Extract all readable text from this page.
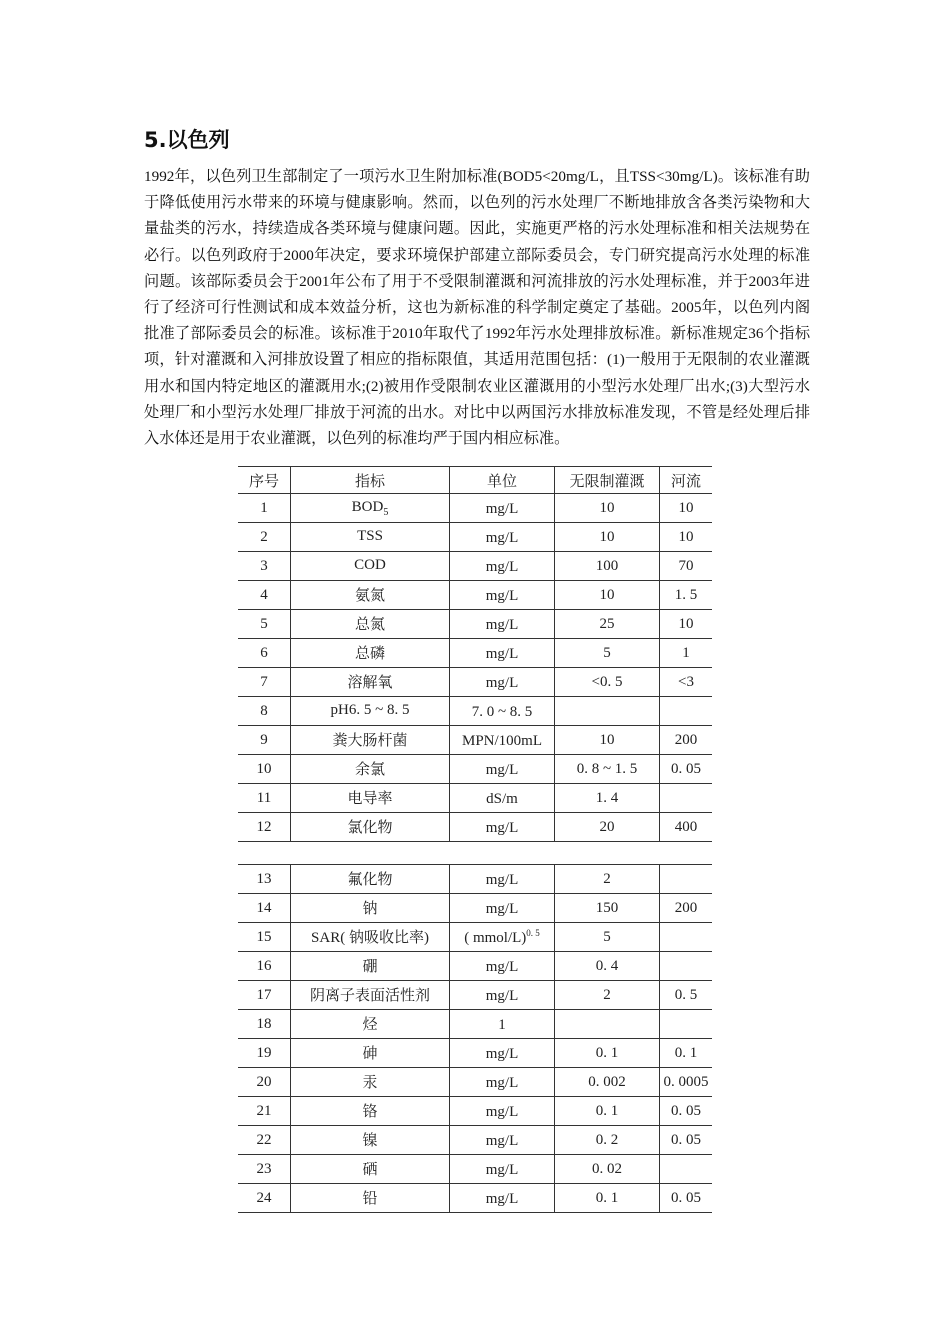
5.以色列
1992年，以色列卫生部制定了一项污水卫生附加标准(BOD5<20mg/L，且TSS<30mg/L)。该标准有助于降低使用污水带来的环境与健康影响。然而，以色列的污水处理厂不断地排放含各类污染物和大量盐类的污水，持续造成各类环境与健康问题。因此，实施更严格的污水处理标准和相关法规势在必行。以色列政府于2000年决定，要求环境保护部建立部际委员会，专门研究提高污水处理的标准问题。该部际委员会于2001年公布了用于不受限制灌溉和河流排放的污水处理标准，并于2003年进行了经济可行性测试和成本效益分析，这也为新标准的科学制定奠定了基础。2005年，以色列内阁批准了部际委员会的标准。该标准于2010年取代了1992年污水处理排放标准。新标准规定36个指标项，针对灌溉和入河排放设置了相应的指标限值，其适用范围包括：(1)一般用于无限制的农业灌溉用水和国内特定地区的灌溉用水;(2)被用作受限制农业区灌溉用的小型污水处理厂出水;(3)大型污水处理厂和小型污水处理厂排放于河流的出水。对比中以两国污水排放标准发现，不管是经处理后排入水体还是用于农业灌溉，以色列的标准均严于国内相应标准。
序号	指标	单位	无限制灌溉	河流
1	$BOD_5$	mg/L	10	10
2	TSS	mg/L	10	10
3	COD	mg/L	100	70
4	氨氮	mg/L	10	1. 5
5	总氮	mg/L	25	10
6	总磷	mg/L	5	1
7	溶解氧	mg/L	<0. 5	<3
8	pH6. 5 ~ 8. 5	7. 0 ~ 8. 5		
9	粪大肠杆菌	MPN/100mL	10	200
10	余氯	mg/L	0. 8 ~ 1. 5	0. 05
11	电导率	dS/m	1. 4	
12	氯化物	mg/L	20	400

13	氟化物	mg/L	2	
14	钠	mg/L	150	200
15	SAR( 钠吸收比率)	( mmol/L)$^{0. 5}$	5	
16	硼	mg/L	0. 4	
17	阴离子表面活性剂	mg/L	2	0. 5
18	烃	1		
19	砷	mg/L	0. 1	0. 1
20	汞	mg/L	0. 002	0. 0005
21	铬	mg/L	0. 1	0. 05
22	镍	mg/L	0. 2	0. 05
23	硒	mg/L	0. 02	
24	铅	mg/L	0. 1	0. 05
